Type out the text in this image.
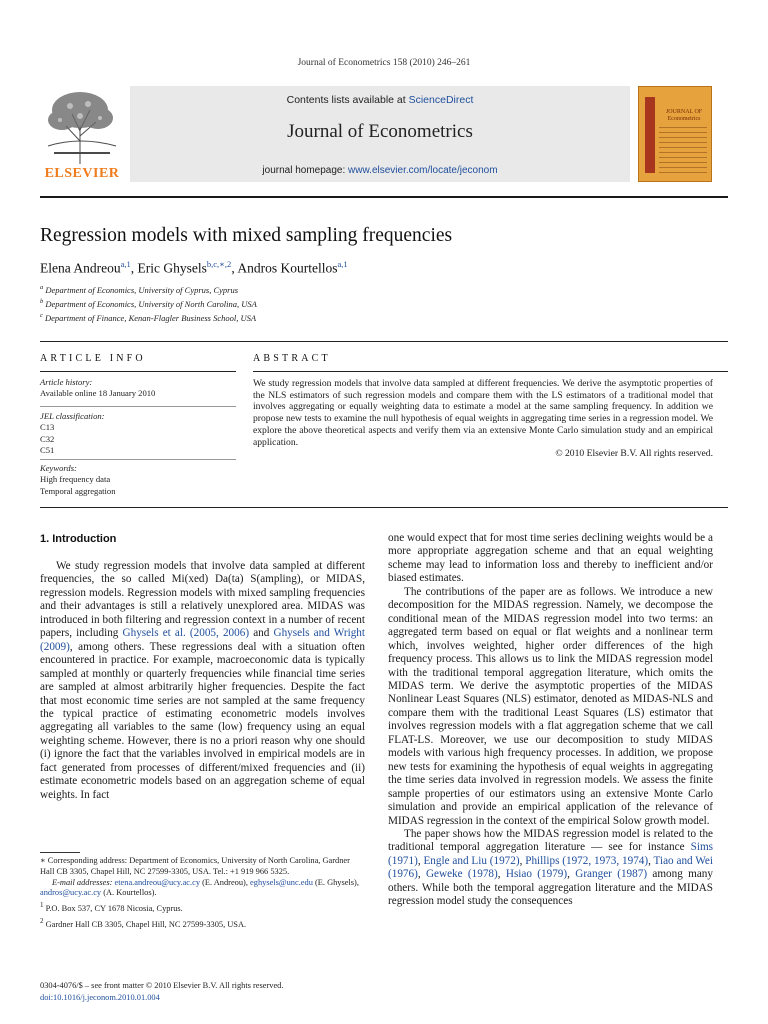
Journal of Econometrics 158 (2010) 246–261
ELSEVIER
Contents lists available at ScienceDirect
Journal of Econometrics
journal homepage: www.elsevier.com/locate/jeconom
JOURNAL OF
Econometrics
Regression models with mixed sampling frequencies
Elena Andreou$^{a,1}$, Eric Ghysels$^{b,c,∗,2}$, Andros Kourtellos$^{a,1}$
$^a$ Department of Economics, University of Cyprus, Cyprus
$^b$ Department of Economics, University of North Carolina, USA
$^c$ Department of Finance, Kenan-Flagler Business School, USA
ARTICLE INFO
Article history:
Available online 18 January 2010
JEL classification:
C13
C32
C51
Keywords:
High frequency data
Temporal aggregation
ABSTRACT
We study regression models that involve data sampled at different frequencies. We derive the asymptotic properties of the NLS estimators of such regression models and compare them with the LS estimators of a traditional model that involves aggregating or equally weighting data to estimate a model at the same sampling frequency. In addition we propose new tests to examine the null hypothesis of equal weights in aggregating time series in a regression model. We explore the above theoretical aspects and verify them via an extensive Monte Carlo simulation study and an empirical application.
© 2010 Elsevier B.V. All rights reserved.
1. Introduction

We study regression models that involve data sampled at different frequencies, the so called Mi(xed) Da(ta) S(ampling), or MIDAS, regression models. Regression models with mixed sampling frequencies and their advantages is still a relatively unexplored area. MIDAS was introduced in both filtering and regression context in a number of recent papers, including Ghysels et al. (2005, 2006) and Ghysels and Wright (2009), among others. These regressions deal with a situation often encountered in practice. For example, macroeconomic data is typically sampled at monthly or quarterly frequencies while financial time series are sampled at almost arbitrarily higher frequencies. Despite the fact that most economic time series are not sampled at the same frequency the typical practice of estimating econometric models involves aggregating all variables to the same (low) frequency using an equal weighting scheme. However, there is no a priori reason why one should (i) ignore the fact that the variables involved in empirical models are in fact generated from processes of different/mixed frequencies and (ii) estimate econometric models based on an aggregation scheme of equal weights. In fact

∗ Corresponding address: Department of Economics, University of North Carolina, Gardner Hall CB 3305, Chapel Hill, NC 27599-3305, USA. Tel.: +1 919 966 5325.

E-mail addresses: etena.andreou@ucy.ac.cy (E. Andreou), eghysels@unc.edu (E. Ghysels), andros@ucy.ac.cy (A. Kourtellos).

$^1$ P.O. Box 537, CY 1678 Nicosia, Cyprus.

$^2$ Gardner Hall CB 3305, Chapel Hill, NC 27599-3305, USA.

0304-4076/$ – see front matter © 2010 Elsevier B.V. All rights reserved.
doi:10.1016/j.jeconom.2010.01.004

one would expect that for most time series declining weights would be a more appropriate aggregation scheme and that an equal weighting scheme may lead to information loss and thereby to inefficient and/or biased estimates.

The contributions of the paper are as follows. We introduce a new decomposition for the MIDAS regression. Namely, we decompose the conditional mean of the MIDAS regression model into two terms: an aggregated term based on equal or flat weights and a nonlinear term which, involves weighted, higher order differences of the high frequency process. This allows us to link the MIDAS regression model with the traditional temporal aggregation literature, which omits the MIDAS term. We derive the asymptotic properties of the MIDAS Nonlinear Least Squares (NLS) estimator, denoted as MIDAS-NLS and compare them with the traditional Least Squares (LS) estimator that involves regression models with a flat aggregation scheme that we call FLAT-LS. Moreover, we use our decomposition to study MIDAS models with various high frequency processes. In addition, we propose new tests for examining the hypothesis of equal weights in aggregating the time series data involved in regression models. We assess the finite sample properties of our estimators using an extensive Monte Carlo simulation and provide an empirical application of the relevance of MIDAS regression in the context of the empirical Solow growth model.

The paper shows how the MIDAS regression model is related to the traditional temporal aggregation literature — see for instance Sims (1971), Engle and Liu (1972), Phillips (1972, 1973, 1974), Tiao and Wei (1976), Geweke (1978), Hsiao (1979), Granger (1987) among many others. While both the temporal aggregation literature and the MIDAS regression model study the consequences
